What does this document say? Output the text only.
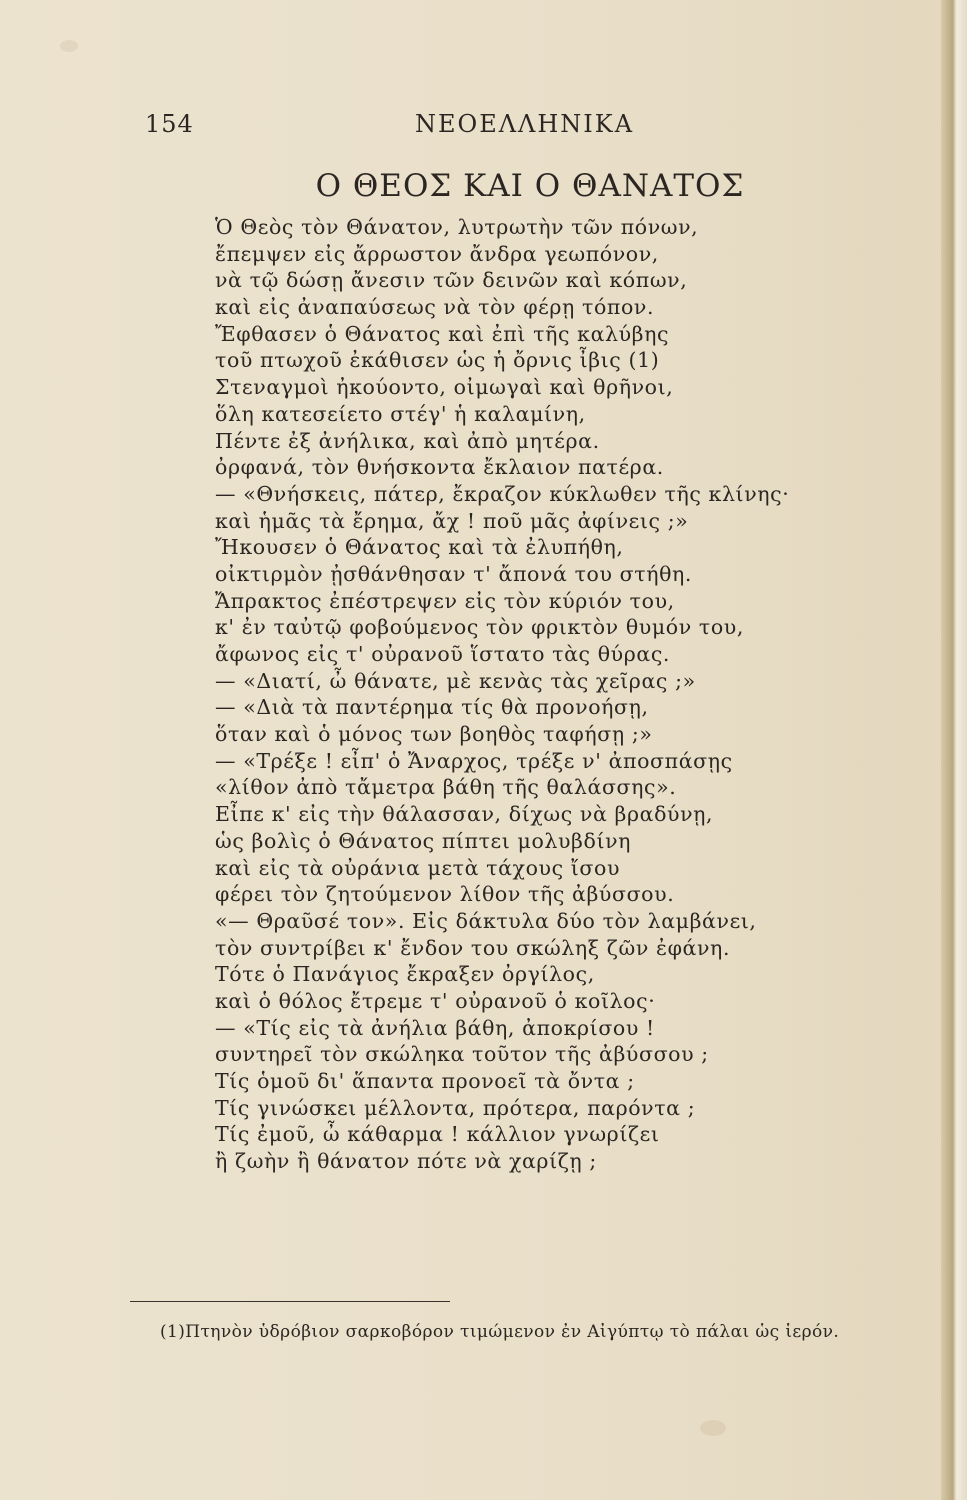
154	ΝΕΟΕΛΛΗΝΙΚΑ
Ο ΘΕΟΣ ΚΑΙ Ο ΘΑΝΑΤΟΣ
Ὁ Θεὸς τὸν Θάνατον, λυτρωτὴν τῶν πόνων,
ἔπεμψεν εἰς ἄρρωστον ἄνδρα γεωπόνον,
νὰ τῷ δώσῃ ἄνεσιν τῶν δεινῶν καὶ κόπων,
καὶ εἰς ἀναπαύσεως νὰ τὸν φέρῃ τόπον.
Ἔφθασεν ὁ Θάνατος καὶ ἐπὶ τῆς καλύβης
τοῦ πτωχοῦ ἐκάθισεν ὡς ἡ ὄρνις ἶβις (1)
Στεναγμοὶ ἠκούοντο, οἰμωγαὶ καὶ θρῆνοι,
ὅλη κατεσείετο στέγ' ἡ καλαμίνη,
Πέντε ἐξ ἀνήλικα, καὶ ἀπὸ μητέρα.
ὀρφανά, τὸν θνήσκοντα ἔκλαιον πατέρα.
— «Θνήσκεις, πάτερ, ἔκραζον κύκλωθεν τῆς κλίνης·
καὶ ἡμᾶς τὰ ἔρημα, ἄχ ! ποῦ μᾶς ἀφίνεις ;»
Ἤκουσεν ὁ Θάνατος καὶ τὰ ἐλυπήθη,
οἰκτιρμὸν ᾐσθάνθησαν τ' ἄπονά του στήθη.
Ἄπρακτος ἐπέστρεψεν εἰς τὸν κύριόν του,
κ' ἐν ταὐτῷ φοβούμενος τὸν φρικτὸν θυμόν του,
ἄφωνος εἰς τ' οὐρανοῦ ἵστατο τὰς θύρας.
— «Διατί, ὦ θάνατε, μὲ κενὰς τὰς χεῖρας ;»
— «Διὰ τὰ παντέρημα τίς θὰ προνοήσῃ,
ὅταν καὶ ὁ μόνος των βοηθὸς ταφήσῃ ;»
— «Τρέξε ! εἶπ' ὁ Ἄναρχος, τρέξε ν' ἀποσπάσῃς
«λίθον ἀπὸ τἄμετρα βάθη τῆς θαλάσσης».
Εἶπε κ' εἰς τὴν θάλασσαν, δίχως νὰ βραδύνῃ,
ὡς βολὶς ὁ Θάνατος πίπτει μολυβδίνη
καὶ εἰς τὰ οὐράνια μετὰ τάχους ἴσου
φέρει τὸν ζητούμενον λίθον τῆς ἀβύσσου.
«— Θραῦσέ τον». Εἰς δάκτυλα δύο τὸν λαμβάνει,
τὸν συντρίβει κ' ἔνδον του σκώληξ ζῶν ἐφάνη.
Τότε ὁ Πανάγιος ἔκραξεν ὀργίλος,
καὶ ὁ θόλος ἔτρεμε τ' οὐρανοῦ ὁ κοῖλος·
— «Τίς εἰς τὰ ἀνήλια βάθη, ἀποκρίσου !
συντηρεῖ τὸν σκώληκα τοῦτον τῆς ἀβύσσου ;
Τίς ὁμοῦ δι' ἅπαντα προνοεῖ τὰ ὄντα ;
Τίς γινώσκει μέλλοντα, πρότερα, παρόντα ;
Τίς ἐμοῦ, ὦ κάθαρμα ! κάλλιον γνωρίζει
ἢ ζωὴν ἢ θάνατον πότε νὰ χαρίζῃ ;
(1)Πτηνὸν ὑδρόβιον σαρκοβόρον τιμώμενον ἐν Αἰγύπτῳ τὸ πάλαι ὡς ἱερόν.
